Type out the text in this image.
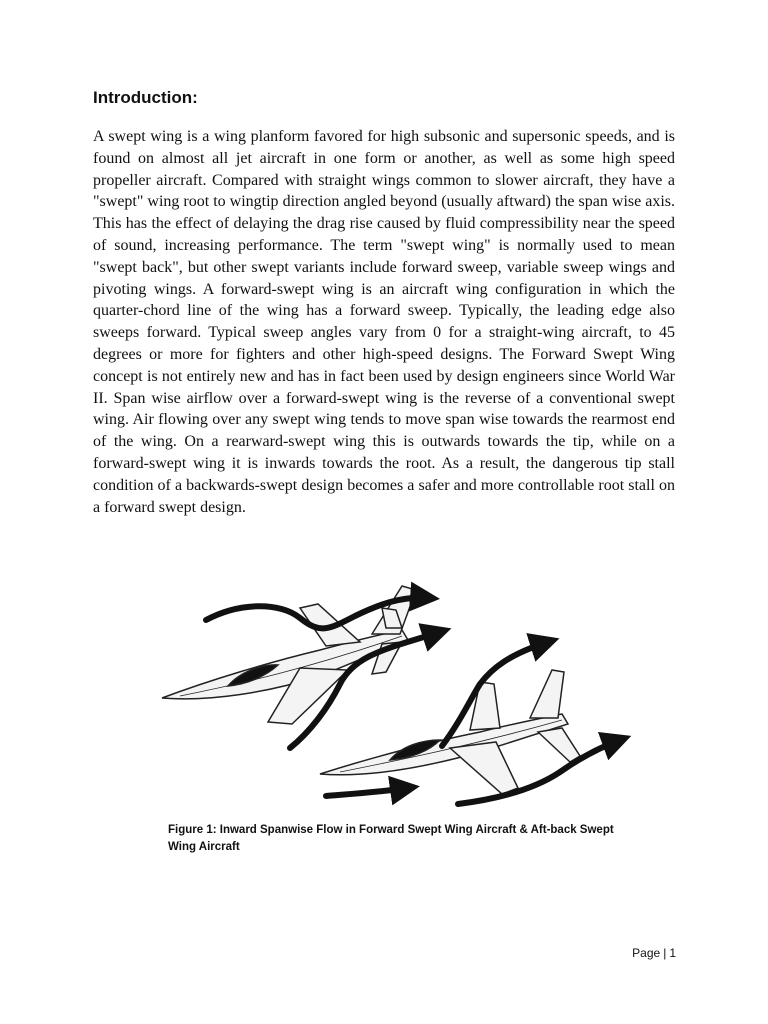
Introduction:

A swept wing is a wing planform favored for high subsonic and supersonic speeds, and is found on almost all jet aircraft in one form or another, as well as some high speed propeller aircraft. Compared with straight wings common to slower aircraft, they have a "swept" wing root to wingtip direction angled beyond (usually aftward) the span wise axis. This has the effect of delaying the drag rise caused by fluid compressibility near the speed of sound, increasing performance. The term "swept wing" is normally used to mean "swept back", but other swept variants include forward sweep, variable sweep wings and pivoting wings. A forward-swept wing is an aircraft wing configuration in which the quarter-chord line of the wing has a forward sweep. Typically, the leading edge also sweeps forward. Typical sweep angles vary from 0 for a straight-wing aircraft, to 45 degrees or more for fighters and other high-speed designs. The Forward Swept Wing concept is not entirely new and has in fact been used by design engineers since World War II. Span wise airflow over a forward-swept wing is the reverse of a conventional swept wing. Air flowing over any swept wing tends to move span wise towards the rearmost end of the wing. On a rearward-swept wing this is outwards towards the tip, while on a forward-swept wing it is inwards towards the root. As a result, the dangerous tip stall condition of a backwards-swept design becomes a safer and more controllable root stall on a forward swept design.

Figure 1: Inward Spanwise Flow in Forward Swept Wing Aircraft & Aft-back Swept Wing Aircraft

Page | 1
